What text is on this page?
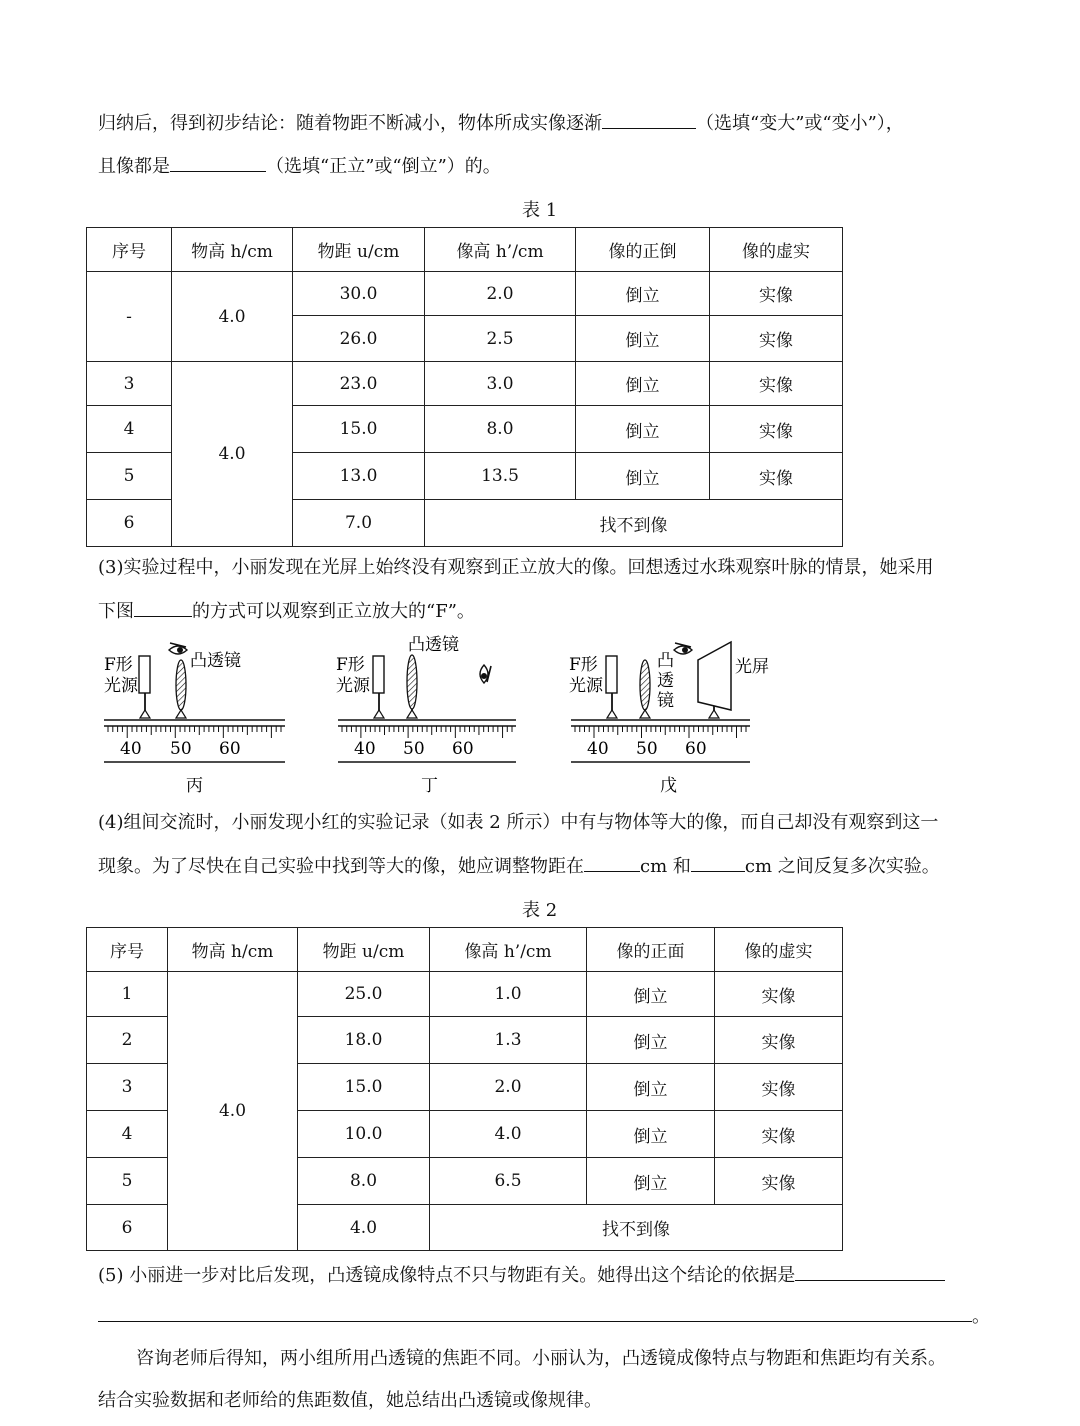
归纳后，得到初步结论：随着物距不断减小，物体所成实像逐渐	（选填“变大”或“变小”），
且像都是	（选填“正立”或“倒立”）的。
表 1
序号	物高 h/cm	物距 u/cm	像高 h’/cm	像的正倒	像的虚实
-	4.0	30.0	2.0	倒立	实像
		26.0	2.5	倒立	实像
3	4.0	23.0	3.0	倒立	实像
4		15.0	8.0	倒立	实像
5		13.0	13.5	倒立	实像
6		7.0	找不到像		
(3)实验过程中，小丽发现在光屏上始终没有观察到正立放大的像。回想透过水珠观察叶脉的情景，她采用
下图	的方式可以观察到正立放大的“F”。
F形
光源
凸透镜
40 50 60
丙
F形
光源
凸透镜
40 50 60
丁
F形
光源
凸
透
镜
光屏
40 50 60
戊
(4)组间交流时，小丽发现小红的实验记录（如表 2 所示）中有与物体等大的像，而自己却没有观察到这一
现象。为了尽快在自己实验中找到等大的像，她应调整物距在	cm 和	cm 之间反复多次实验。
表 2
序号	物高 h/cm	物距 u/cm	像高 h’/cm	像的正面	像的虚实
1	4.0	25.0	1.0	倒立	实像
2		18.0	1.3	倒立	实像
3		15.0	2.0	倒立	实像
4		10.0	4.0	倒立	实像
5		8.0	6.5	倒立	实像
6		4.0	找不到像		
(5) 小丽进一步对比后发现，凸透镜成像特点不只与物距有关。她得出这个结论的依据是
。
咨询老师后得知，两小组所用凸透镜的焦距不同。小丽认为，凸透镜成像特点与物距和焦距均有关系。
结合实验数据和老师给的焦距数值，她总结出凸透镜或像规律。
